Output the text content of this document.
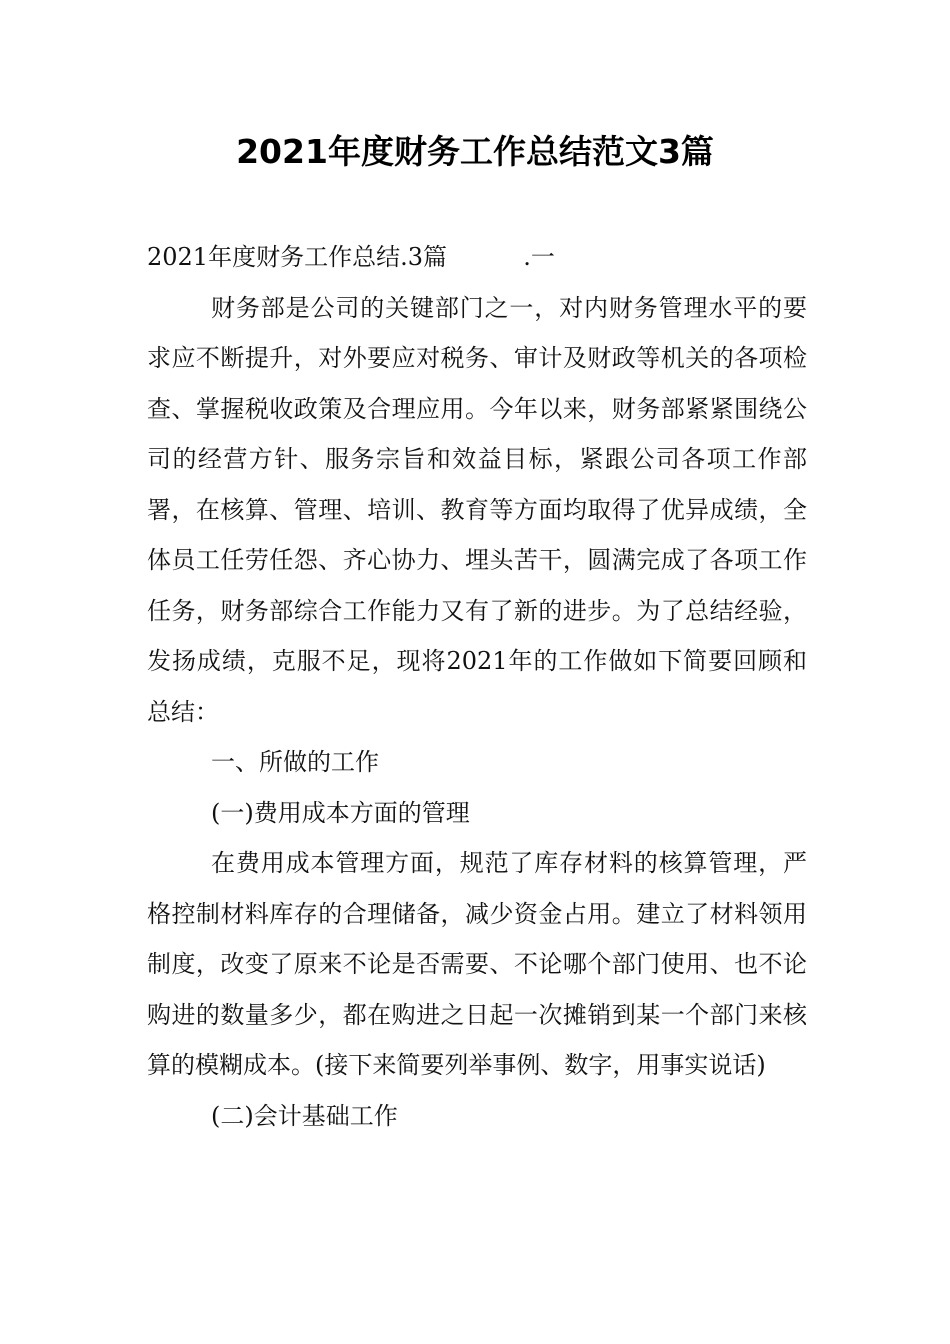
2021年度财务工作总结范文3篇

2021年度财务工作总结.3篇          .一

财务部是公司的关键部门之一，对内财务管理水平的要求应不断提升，对外要应对税务、审计及财政等机关的各项检查、掌握税收政策及合理应用。今年以来，财务部紧紧围绕公司的经营方针、服务宗旨和效益目标，紧跟公司各项工作部署，在核算、管理、培训、教育等方面均取得了优异成绩，全体员工任劳任怨、齐心协力、埋头苦干，圆满完成了各项工作任务，财务部综合工作能力又有了新的进步。为了总结经验，发扬成绩，克服不足，现将2021年的工作做如下简要回顾和总结：

一、所做的工作

(一)费用成本方面的管理

在费用成本管理方面，规范了库存材料的核算管理，严格控制材料库存的合理储备，减少资金占用。建立了材料领用制度，改变了原来不论是否需要、不论哪个部门使用、也不论购进的数量多少，都在购进之日起一次摊销到某一个部门来核算的模糊成本。(接下来简要列举事例、数字，用事实说话)

(二)会计基础工作
